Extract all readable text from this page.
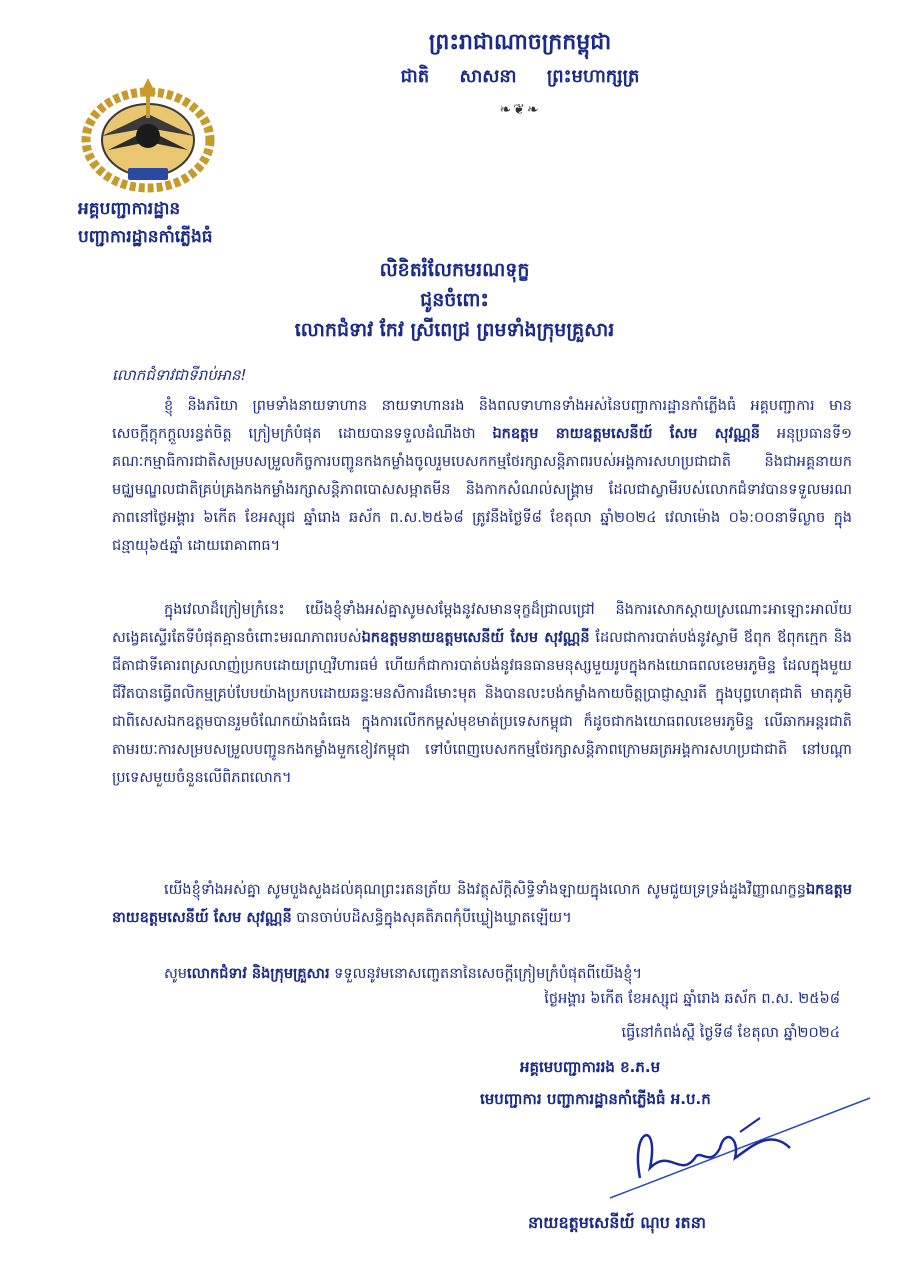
ព្រះរាជាណាចក្រកម្ពុជា
ជាតិ សាសនា ព្រះមហាក្សត្រ
❧❦❧
អគ្គបញ្ជាការដ្ឋាន
បញ្ជាការដ្ឋានកាំភ្លើងធំ
លិខិតរំលែកមរណទុក្ខ
ជូនចំពោះ
លោកជំទាវ កែវ ស្រីពេជ្រ ព្រមទាំងក្រុមគ្រួសារ
លោកជំទាវជាទីរាប់អាន!
ខ្ញុំ និងភរិយា ព្រមទាំងនាយទាហាន នាយទាហានរង និងពលទាហានទាំងអស់នៃបញ្ជាការដ្ឋានកាំភ្លើងធំ អគ្គបញ្ជាការ មានសេចក្តីក្តុកក្តួលរន្ធត់ចិត្ត ក្រៀមក្រំបំផុត ដោយបានទទួលដំណឹងថា ឯកឧត្តម នាយឧត្តមសេនីយ៍ សែម សុវណ្ណនី អនុប្រធានទី១ គណៈកម្មាធិការជាតិសម្របសម្រួលកិច្ចការបញ្ជូនកងកម្លាំងចូលរួមបេសកកម្មថែរក្សាសន្តិភាពរបស់អង្គការសហប្រជាជាតិ និងជាអគ្គនាយកមជ្ឈមណ្ឌលជាតិគ្រប់គ្រងកងកម្លាំងរក្សាសន្តិភាពបោសសម្អាតមីន និងកាកសំណល់សង្គ្រាម ដែលជាស្វាមីរបស់លោកជំទាវបានទទួលមរណភាពនៅថ្ងៃអង្គារ ៦កើត ខែអស្សុជ ឆ្នាំរោង ឆស័ក ព.ស.២៥៦៨ ត្រូវនឹងថ្ងៃទី៨ ខែតុលា ឆ្នាំ២០២៤ វេលាម៉ោង ០៦:០០នាទីល្ងាច ក្នុងជន្មាយុ៦៥ឆ្នាំ ដោយរោគាពាធ។
ក្នុងវេលាដ៏ក្រៀមក្រំនេះ យើងខ្ញុំទាំងអស់គ្នាសូមសម្តែងនូវសមានទុក្ខដ៏ជ្រាលជ្រៅ និងការសោកស្តាយស្រណោះអាឡោះអាល័យសង្វេគស្ទើរតែទីបំផុតគ្មានចំពោះមរណភាពរបស់ឯកឧត្តមនាយឧត្តមសេនីយ៍ សែម សុវណ្ណនី ដែលជាការបាត់បង់នូវស្វាមី ឪពុក ឪពុកក្មេក និងជីតាជាទីគោរពស្រលាញ់ប្រកបដោយព្រហ្មវិហារធម៌ ហើយក៏ជាការបាត់បង់នូវធនធានមនុស្សមួយរូបក្នុងកងយោធពលខេមរភូមិន្ទ ដែលក្នុងមួយជីវិតបានធ្វើពលិកម្មគ្រប់បែបយ៉ាងប្រកបដោយឆន្ទៈមនសិការដ៏មោះមុត និងបានលះបង់កម្លាំងកាយចិត្តប្រាជ្ញាស្មារតី ក្នុងបុព្វហេតុជាតិ មាតុភូមិ ជាពិសេសឯកឧត្តមបានរួមចំណែកយ៉ាងធំធេង ក្នុងការលើកកម្ពស់មុខមាត់ប្រទេសកម្ពុជា ក៏ដូចជាកងយោធពលខេមរភូមិន្ទ លើឆាកអន្តរជាតិតាមរយៈការសម្របសម្រួលបញ្ជូនកងកម្លាំងមួកខៀវកម្ពុជា ទៅបំពេញបេសកកម្មថែរក្សាសន្តិភាពក្រោមឆត្រអង្គការសហប្រជាជាតិ នៅបណ្តាប្រទេសមួយចំនួនលើពិភពលោក។
យើងខ្ញុំទាំងអស់គ្នា សូមបួងសួងដល់គុណព្រះរតនត្រ័យ និងវត្ថុស័ក្តិសិទ្ធិទាំងឡាយក្នុងលោក សូមជួយទ្រទ្រង់ដួងវិញ្ញាណក្ខន្ធឯកឧត្តម នាយឧត្តមសេនីយ៍ សែម សុវណ្ណនី បានចាប់បដិសន្ធិក្នុងសុគតិភពកុំបីឃ្លៀងឃ្លាតឡើយ។
សូមលោកជំទាវ និងក្រុមគ្រួសារ ទទួលនូវមនោសញ្ចេតនានៃសេចក្តីក្រៀមក្រំបំផុតពីយើងខ្ញុំ។
ថ្ងៃអង្គារ ៦កើត ខែអស្សុជ ឆ្នាំរោង ឆស័ក ព.ស. ២៥៦៨
ធ្វើនៅកំពង់ស្ពឺ ថ្ងៃទី៨ ខែតុលា ឆ្នាំ២០២៤
អគ្គមេបញ្ជាការរង ខ.ភ.ម
មេបញ្ជាការ បញ្ជាការដ្ឋានកាំភ្លើងធំ អ.ប.ក
នាយឧត្តមសេនីយ៍ ណុប រតនា
